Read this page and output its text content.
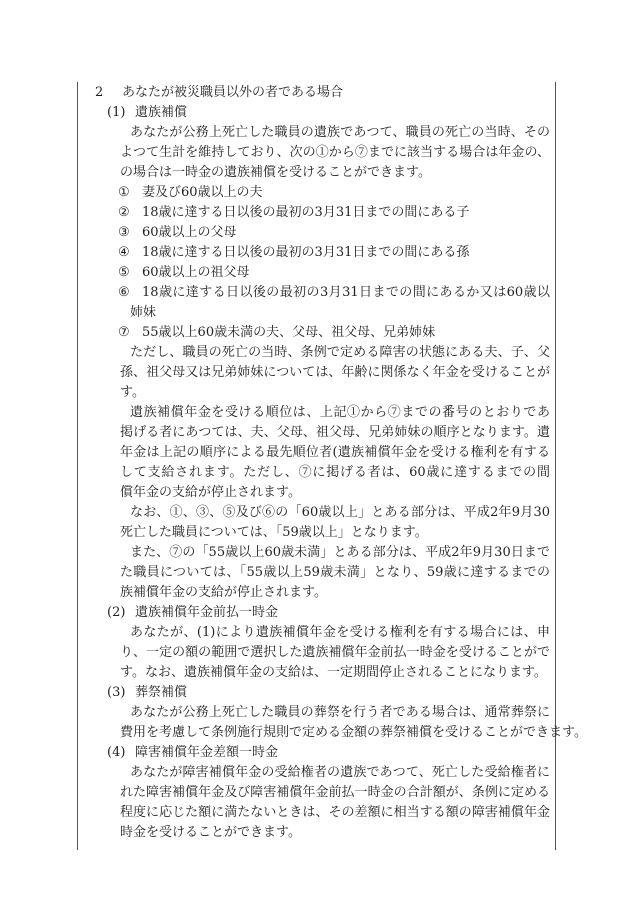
2 あなたが被災職員以外の者である場合
(1) 遺族補償
あなたが公務上死亡した職員の遺族であつて、職員の死亡の当時、その
よつて生計を維持しており、次の①から⑦までに該当する場合は年金の、
の場合は一時金の遺族補償を受けることができます。
① 妻及び60歳以上の夫
② 18歳に達する日以後の最初の3月31日までの間にある子
③ 60歳以上の父母
④ 18歳に達する日以後の最初の3月31日までの間にある孫
⑤ 60歳以上の祖父母
⑥ 18歳に達する日以後の最初の3月31日までの間にあるか又は60歳以
姉妹
⑦ 55歳以上60歳未満の夫、父母、祖父母、兄弟姉妹
ただし、職員の死亡の当時、条例で定める障害の状態にある夫、子、父
孫、祖父母又は兄弟姉妹については、年齢に関係なく年金を受けることが
す。
遺族補償年金を受ける順位は、上記①から⑦までの番号のとおりであ
掲げる者にあつては、夫、父母、祖父母、兄弟姉妹の順序となります。遺
年金は上記の順序による最先順位者(遺族補償年金を受ける権利を有する
して支給されます。ただし、⑦に掲げる者は、60歳に達するまでの間
償年金の支給が停止されます。
なお、①、③、⑤及び⑥の「60歳以上」とある部分は、平成2年9月30
死亡した職員については、「59歳以上」となります。
また、⑦の「55歳以上60歳未満」とある部分は、平成2年9月30日まで
た職員については、「55歳以上59歳未満」となり、59歳に達するまでの
族補償年金の支給が停止されます。
(2) 遺族補償年金前払一時金
あなたが、(1)により遺族補償年金を受ける権利を有する場合には、申
り、一定の額の範囲で選択した遺族補償年金前払一時金を受けることがで
す。なお、遺族補償年金の支給は、一定期間停止されることになります。
(3) 葬祭補償
あなたが公務上死亡した職員の葬祭を行う者である場合は、通常葬祭に
費用を考慮して条例施行規則で定める金額の葬祭補償を受けることができます。
(4) 障害補償年金差額一時金
あなたが障害補償年金の受給権者の遺族であつて、死亡した受給権者に
れた障害補償年金及び障害補償年金前払一時金の合計額が、条例に定める
程度に応じた額に満たないときは、その差額に相当する額の障害補償年金
時金を受けることができます。
